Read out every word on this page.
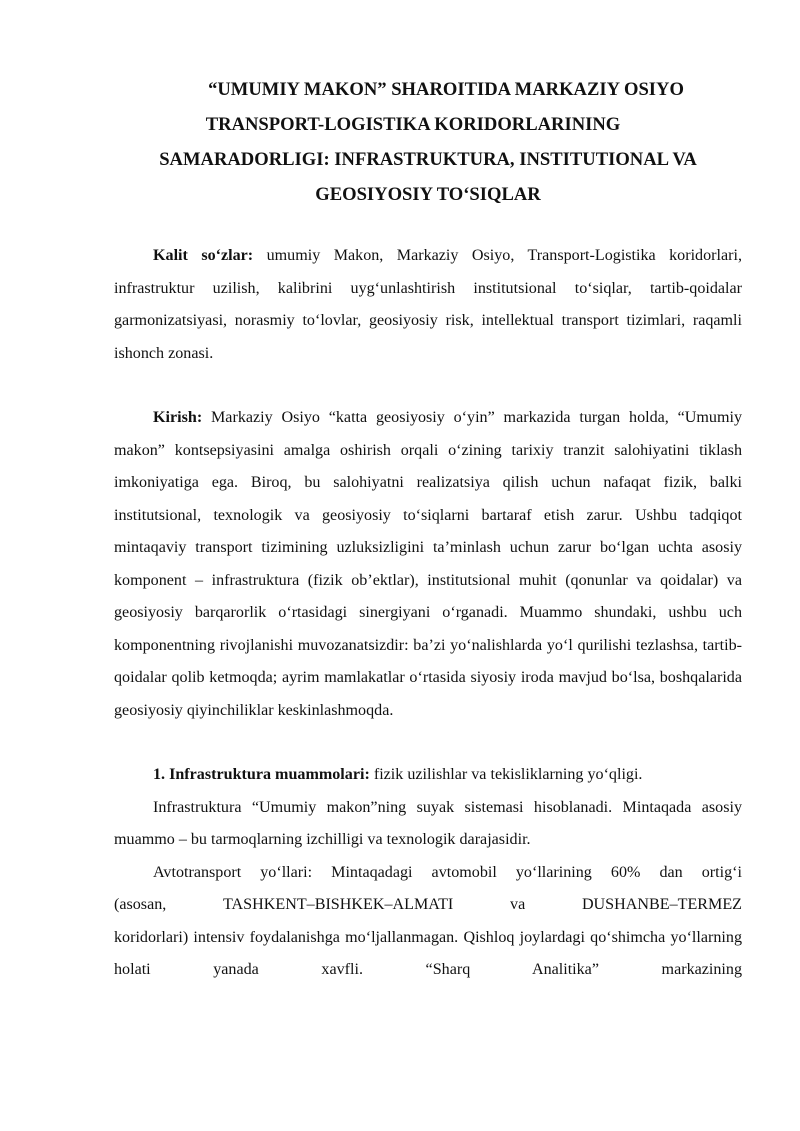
“UMUMIY MAKON” SHAROITIDA MARKAZIY OSIYO
TRANSPORT-LOGISTIKA KORIDORLARINING
SAMARADORLIGI: INFRASTRUKTURA, INSTITUTIONAL VA
GEOSIYOSIY TO‘SIQLAR

Kalit so‘zlar: umumiy Makon, Markaziy Osiyo, Transport-Logistika koridorlari, infrastruktur uzilish, kalibrini uyg‘unlashtirish institutsional to‘siqlar, tartib-qoidalar garmonizatsiyasi, norasmiy to‘lovlar, geosiyosiy risk, intellektual transport tizimlari, raqamli ishonch zonasi.

Kirish: Markaziy Osiyo “katta geosiyosiy o‘yin” markazida turgan holda, “Umumiy makon” kontsepsiyasini amalga oshirish orqali o‘zining tarixiy tranzit salohiyatini tiklash imkoniyatiga ega. Biroq, bu salohiyatni realizatsiya qilish uchun nafaqat fizik, balki institutsional, texnologik va geosiyosiy to‘siqlarni bartaraf etish zarur. Ushbu tadqiqot mintaqaviy transport tizimining uzluksizligini ta’minlash uchun zarur bo‘lgan uchta asosiy komponent – infrastruktura (fizik ob’ektlar), institutsional muhit (qonunlar va qoidalar) va geosiyosiy barqarorlik o‘rtasidagi sinergiyani o‘rganadi. Muammo shundaki, ushbu uch komponentning rivojlanishi muvozanatsizdir: ba’zi yo‘nalishlarda yo‘l qurilishi tezlashsa, tartib-qoidalar qolib ketmoqda; ayrim mamlakatlar o‘rtasida siyosiy iroda mavjud bo‘lsa, boshqalarida geosiyosiy qiyinchiliklar keskinlashmoqda.

1. Infrastruktura muammolari: fizik uzilishlar va tekisliklarning yo‘qligi.

Infrastruktura “Umumiy makon”ning suyak sistemasi hisoblanadi. Mintaqada asosiy muammo – bu tarmoqlarning izchilligi va texnologik darajasidir.

Avtotransport yo‘llari: Mintaqadagi avtomobil yo‘llarining 60% dan ortig‘i

(asosan,	TASHKENT–BISHKEK–ALMATI	va	DUSHANBE–TERMEZ

koridorlari) intensiv foydalanishga mo‘ljallanmagan. Qishloq joylardagi qo‘shimcha yo‘llarning holati yanada xavfli. “Sharq Analitika” markazining
